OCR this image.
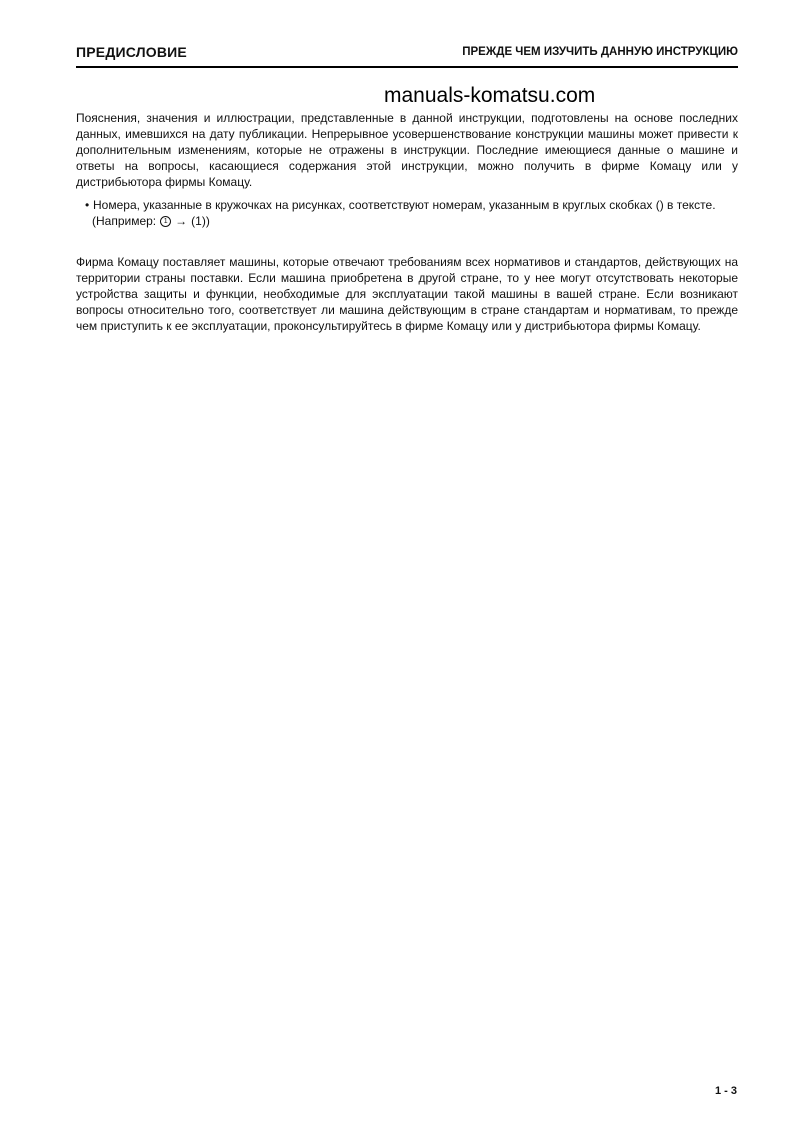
ПРЕДИСЛОВИЕ	ПРЕЖДЕ ЧЕМ ИЗУЧИТЬ ДАННУЮ ИНСТРУКЦИЮ
manuals-komatsu.com

Пояснения, значения и иллюстрации, представленные в данной инструкции, подготовлены на основе последних данных, имевшихся на дату публикации. Непрерывное усовершенствование конструкции машины может привести к дополнительным изменениям, которые не отражены в инструкции. Последние имеющиеся данные о машине и ответы на вопросы, касающиеся содержания этой инструкции, можно получить в фирме Комацу или у дистрибьютора фирмы Комацу.

• Номера, указанные в кружочках на рисунках, соответствуют номерам, указанным в круглых скобках () в тексте.
(Например:	1 → (1))

Фирма Комацу поставляет машины, которые отвечают требованиям всех нормативов и стандартов, действующих на территории страны поставки. Если машина приобретена в другой стране, то у нее могут отсутствовать некоторые устройства защиты и функции, необходимые для эксплуатации такой машины в вашей стране. Если возникают вопросы относительно того, соответствует ли машина действующим в стране стандартам и нормативам, то прежде чем приступить к ее эксплуатации, проконсультируйтесь в фирме Комацу или у дистрибьютора фирмы Комацу.

1 - 3
